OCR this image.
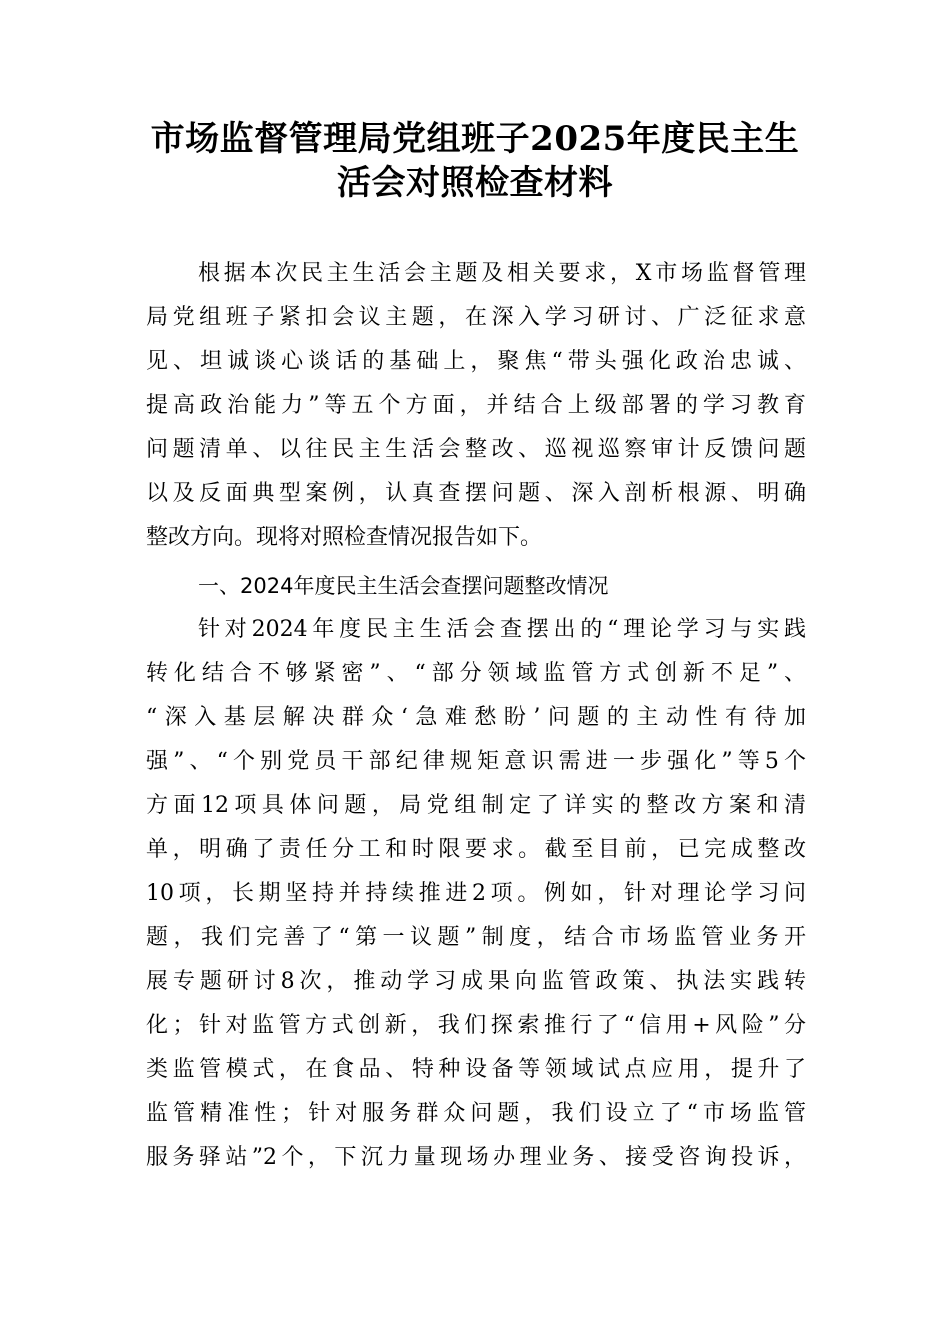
市场监督管理局党组班子2025年度民主生
活会对照检查材料
根据本次民主生活会主题及相关要求，X市场监督管理
局党组班子紧扣会议主题，在深入学习研讨、广泛征求意
见、坦诚谈心谈话的基础上，聚焦“带头强化政治忠诚、
提高政治能力”等五个方面，并结合上级部署的学习教育
问题清单、以往民主生活会整改、巡视巡察审计反馈问题
以及反面典型案例，认真查摆问题、深入剖析根源、明确
整改方向。现将对照检查情况报告如下。
一、2024年度民主生活会查摆问题整改情况
针对2024年度民主生活会查摆出的“理论学习与实践
转化结合不够紧密”、“部分领域监管方式创新不足”、
“深入基层解决群众‘急难愁盼’问题的主动性有待加
强”、“个别党员干部纪律规矩意识需进一步强化”等5个
方面12项具体问题，局党组制定了详实的整改方案和清
单，明确了责任分工和时限要求。截至目前，已完成整改
10项，长期坚持并持续推进2项。例如，针对理论学习问
题，我们完善了“第一议题”制度，结合市场监管业务开
展专题研讨8次，推动学习成果向监管政策、执法实践转
化；针对监管方式创新，我们探索推行了“信用+风险”分
类监管模式，在食品、特种设备等领域试点应用，提升了
监管精准性；针对服务群众问题，我们设立了“市场监管
服务驿站”2个，下沉力量现场办理业务、接受咨询投诉，
